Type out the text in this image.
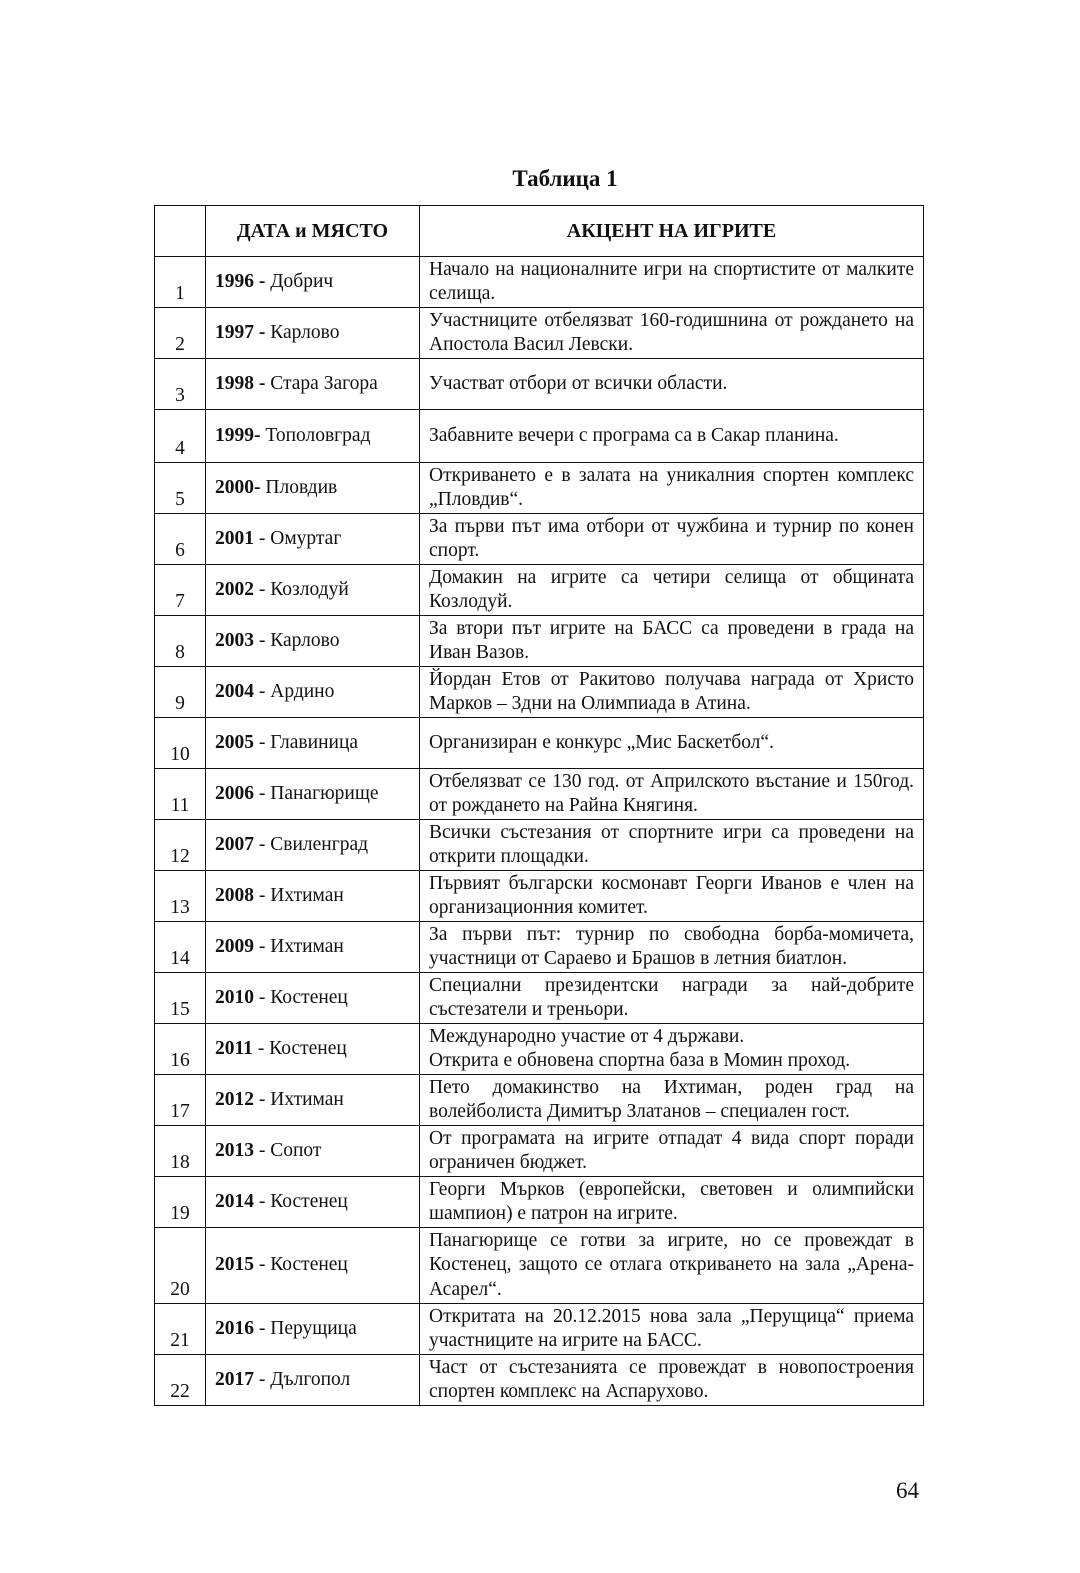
Таблица 1
	ДАТА и МЯСТО	АКЦЕНТ НА ИГРИТЕ
1	1996 - Добрич	Начало на националните игри на спортистите от малките селища.
2	1997 - Карлово	Участниците отбелязват 160-годишнина от рождането на Апостола Васил Левски.
3	1998 - Стара Загора	Участват отбори от всички области.
4	1999- Тополовград	Забавните вечери с програма са в Сакар планина.
5	2000- Пловдив	Откриването е в залата на уникалния спортен комплекс „Пловдив“.
6	2001 - Омуртаг	За първи път има отбори от чужбина и турнир по конен спорт.
7	2002 - Козлодуй	Домакин на игрите са четири селища от общината Козлодуй.
8	2003 - Карлово	За втори път игрите на БАСС са проведени в града на Иван Вазов.
9	2004 - Ардино	Йордан Етов от Ракитово получава награда от Христо Марков – 3дни на Олимпиада в Атина.
10	2005 - Главиница	Организиран е конкурс „Мис Баскетбол“.
11	2006 - Панагюрище	Отбелязват се 130 год. от Априлското въстание и 150год. от рождането на Райна Княгиня.
12	2007 - Свиленград	Всички състезания от спортните игри са проведени на открити площадки.
13	2008 - Ихтиман	Първият български космонавт Георги Иванов е член на организационния комитет.
14	2009 - Ихтиман	За първи път: турнир по свободна борба-момичета, участници от Сараево и Брашов в летния биатлон.
15	2010 - Костенец	Специални президентски награди за най-добрите състезатели и треньори.
16	2011 - Костенец	Международно участие от 4 държави.
Открита е обновена спортна база в Момин проход.

17	2012 - Ихтиман	Пето домакинство на Ихтиман, роден град на волейболиста Димитър Златанов – специален гост.
18	2013 - Сопот	От програмата на игрите отпадат 4 вида спорт поради ограничен бюджет.
19	2014 - Костенец	Георги Мърков (европейски, световен и олимпийски шампион) е патрон на игрите.
20	2015 - Костенец	Панагюрище се готви за игрите, но се провеждат в Костенец, защото се отлага откриването на зала „Арена-Асарел“.
21	2016 - Перущица	Откритата на 20.12.2015 нова зала „Перущица“ приема участниците на игрите на БАСС.
22	2017 - Дългопол	Част от състезанията се провеждат в новопостроения спортен комплекс на Аспарухово.
64
